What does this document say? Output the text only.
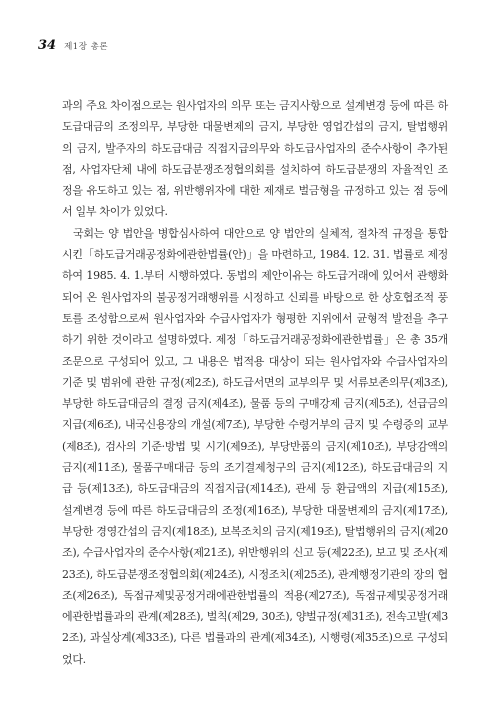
34 제1장 총론

과의 주요 차이점으로는 원사업자의 의무 또는 금지사항으로 설계변경 등에 따른 하도급대금의 조정의무, 부당한 대물변제의 금지, 부당한 영업간섭의 금지, 탈법행위의 금지, 발주자의 하도급대금 직접지급의무와 하도급사업자의 준수사항이 추가된 점, 사업자단체 내에 하도급분쟁조정협의회를 설치하여 하도급분쟁의 자율적인 조정을 유도하고 있는 점, 위반행위자에 대한 제재로 벌금형을 규정하고 있는 점 등에서 일부 차이가 있었다.

국회는 양 법안을 병합심사하여 대안으로 양 법안의 실체적, 절차적 규정을 통합시킨「하도급거래공정화에관한법률(안)」을 마련하고, 1984. 12. 31. 법률로 제정하여 1985. 4. 1.부터 시행하였다. 동법의 제안이유는 하도급거래에 있어서 관행화되어 온 원사업자의 불공정거래행위를 시정하고 신뢰를 바탕으로 한 상호협조적 풍토를 조성함으로써 원사업자와 수급사업자가 형평한 지위에서 균형적 발전을 추구하기 위한 것이라고 설명하였다. 제정「하도급거래공정화에관한법률」은 총 35개 조문으로 구성되어 있고, 그 내용은 법적용 대상이 되는 원사업자와 수급사업자의 기준 및 범위에 관한 규정(제2조), 하도급서면의 교부의무 및 서류보존의무(제3조), 부당한 하도급대금의 결정 금지(제4조), 물품 등의 구매강제 금지(제5조), 선급금의 지급(제6조), 내국신용장의 개설(제7조), 부당한 수령거부의 금지 및 수령증의 교부(제8조), 검사의 기준·방법 및 시기(제9조), 부당반품의 금지(제10조), 부당감액의 금지(제11조), 물품구매대금 등의 조기결제청구의 금지(제12조), 하도급대금의 지급 등(제13조), 하도급대금의 직접지급(제14조), 관세 등 환급액의 지급(제15조), 설계변경 등에 따른 하도급대금의 조정(제16조), 부당한 대물변제의 금지(제17조), 부당한 경영간섭의 금지(제18조), 보복조치의 금지(제19조), 탈법행위의 금지(제20조), 수급사업자의 준수사항(제21조), 위반행위의 신고 등(제22조), 보고 및 조사(제23조), 하도급분쟁조정협의회(제24조), 시정조치(제25조), 관계행정기관의 장의 협조(제26조), 독점규제및공정거래에관한법률의 적용(제27조), 독점규제및공정거래에관한법률과의 관계(제28조), 벌칙(제29, 30조), 양벌규정(제31조), 전속고발(제32조), 과실상계(제33조), 다른 법률과의 관계(제34조), 시행령(제35조)으로 구성되었다.
